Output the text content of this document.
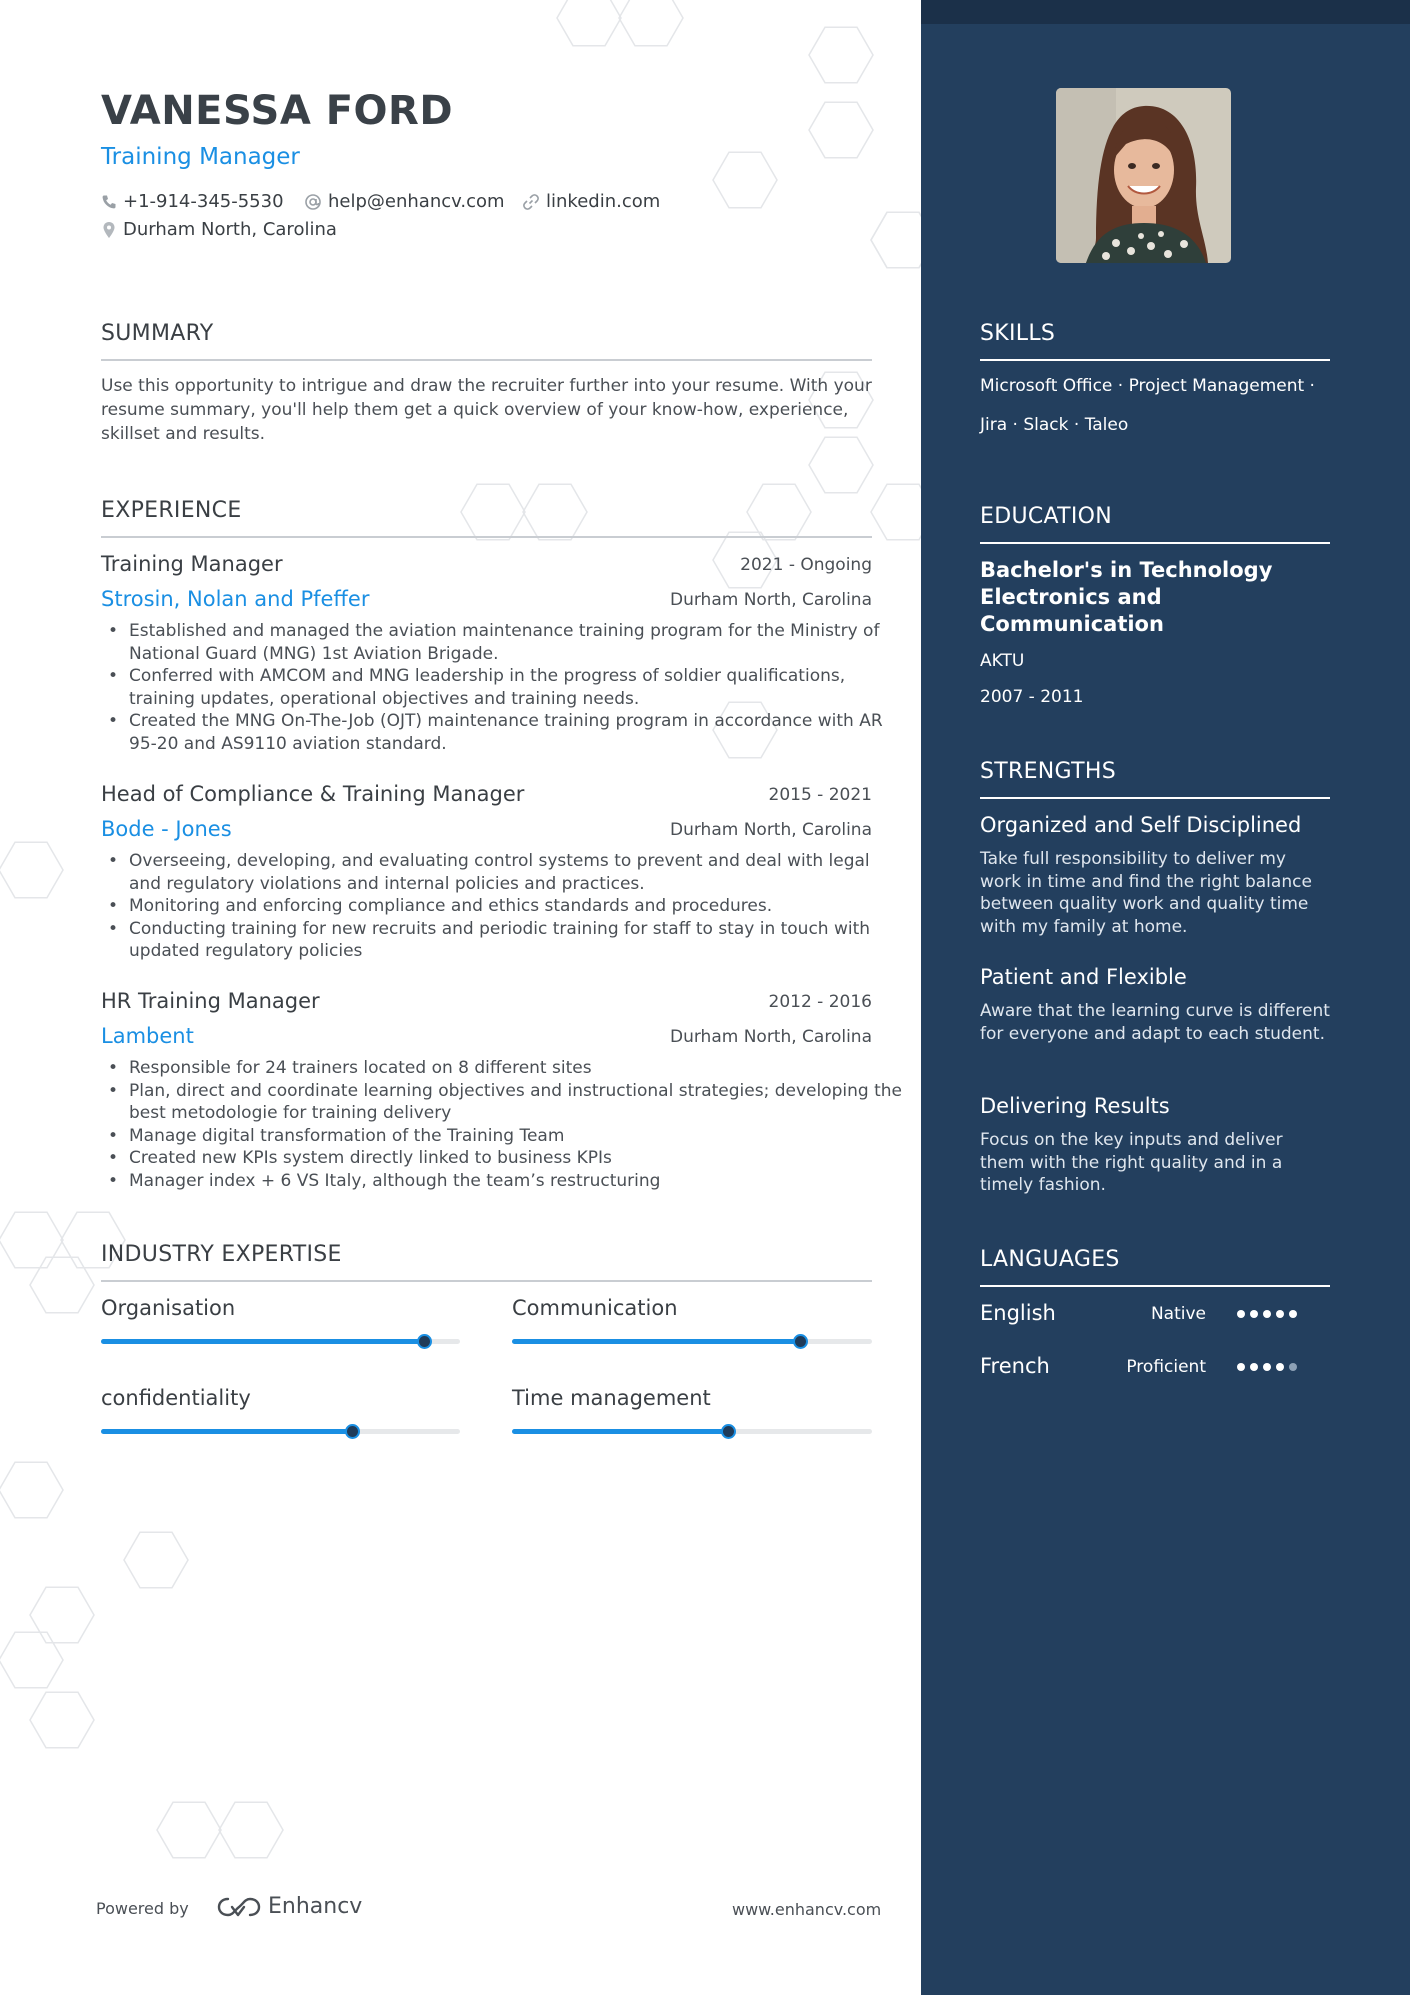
VANESSA FORD
Training Manager
+1-914-345-5530 help@enhancv.com linkedin.com
Durham North, Carolina
SUMMARY
Use this opportunity to intrigue and draw the recruiter further into your resume. With your resume summary, you'll help them get a quick overview of your know-how, experience, skillset and results.
EXPERIENCE
Training Manager	2021 - Ongoing
Strosin, Nolan and Pfeffer	Durham North, Carolina
• Established and managed the aviation maintenance training program for the Ministry of National Guard (MNG) 1st Aviation Brigade.
• Conferred with AMCOM and MNG leadership in the progress of soldier qualifications, training updates, operational objectives and training needs.
• Created the MNG On-The-Job (OJT) maintenance training program in accordance with AR 95-20 and AS9110 aviation standard.
Head of Compliance & Training Manager	2015 - 2021
Bode - Jones	Durham North, Carolina
• Overseeing, developing, and evaluating control systems to prevent and deal with legal and regulatory violations and internal policies and practices.
• Monitoring and enforcing compliance and ethics standards and procedures.
• Conducting training for new recruits and periodic training for staff to stay in touch with updated regulatory policies
HR Training Manager	2012 - 2016
Lambent	Durham North, Carolina
• Responsible for 24 trainers located on 8 different sites
• Plan, direct and coordinate learning objectives and instructional strategies; developing the best metodologie for training delivery
• Manage digital transformation of the Training Team
• Created new KPIs system directly linked to business KPIs
• Manager index + 6 VS Italy, although the team’s restructuring
INDUSTRY EXPERTISE
Organisation	Communication
confidentiality	Time management
Powered by	Enhancv	www.enhancv.com
SKILLS
Microsoft Office · Project Management ·
Jira · Slack · Taleo
EDUCATION
Bachelor's in Technology Electronics and Communication
AKTU
2007 - 2011
STRENGTHS
Organized and Self Disciplined
Take full responsibility to deliver my work in time and find the right balance between quality work and quality time with my family at home.
Patient and Flexible
Aware that the learning curve is different for everyone and adapt to each student.
Delivering Results
Focus on the key inputs and deliver them with the right quality and in a timely fashion.
LANGUAGES
English	Native
French	Proficient
